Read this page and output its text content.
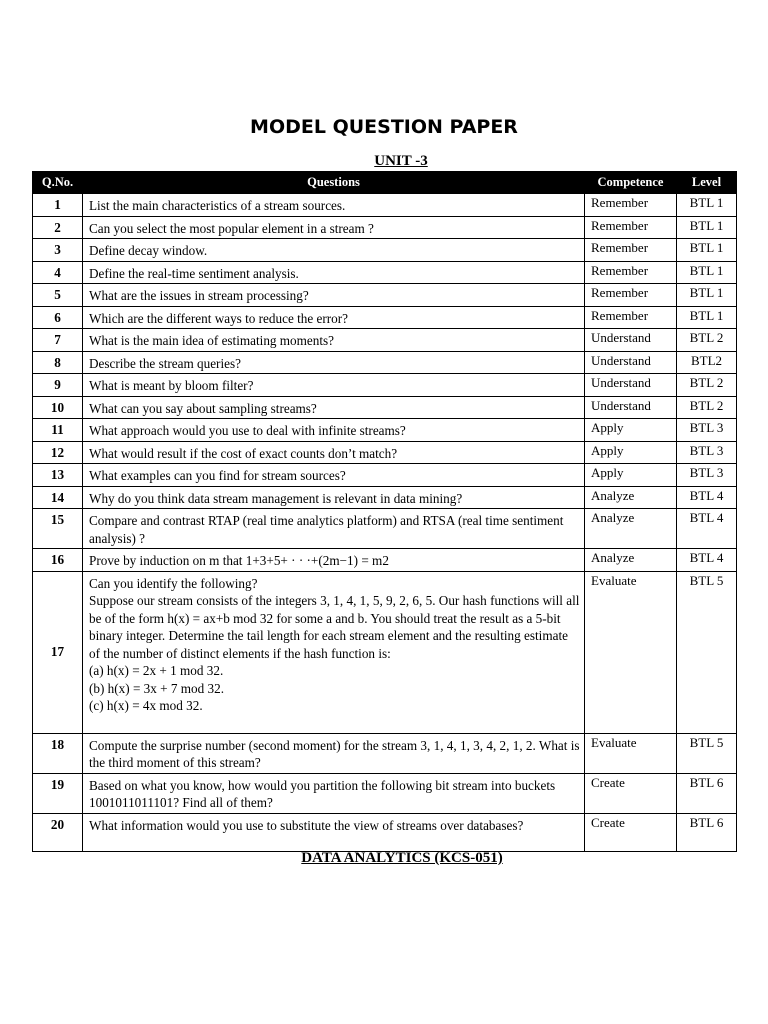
MODEL QUESTION PAPER
UNIT -3
Q.No.	Questions	Competence	Level
1	List the main characteristics of a stream sources.	Remember	BTL 1
2	Can you select the most popular element in a stream ?	Remember	BTL 1
3	Define decay window.	Remember	BTL 1
4	Define the real-time sentiment analysis.	Remember	BTL 1
5	What are the issues in stream processing?	Remember	BTL 1
6	Which are the different ways to reduce the error?	Remember	BTL 1
7	What is the main idea of estimating moments?	Understand	BTL 2
8	Describe the stream queries?	Understand	BTL2
9	What is meant by bloom filter?	Understand	BTL 2
10	What can you say about sampling streams?	Understand	BTL 2
11	What approach would you use to deal with infinite streams?	Apply	BTL 3
12	What would result if the cost of exact counts don’t match?	Apply	BTL 3
13	What examples can you find for stream sources?	Apply	BTL 3
14	Why do you think data stream management is relevant in data mining?	Analyze	BTL 4
15	Compare and contrast RTAP (real time analytics platform) and RTSA (real time sentiment analysis) ?	Analyze	BTL 4
16	Prove by induction on m that 1+3+5+ · · ·+(2m−1) = m2	Analyze	BTL 4
17	Can you identify the following?
Suppose our stream consists of the integers 3, 1, 4, 1, 5, 9, 2, 6, 5. Our hash functions will all be of the form h(x) = ax+b mod 32 for some a and b. You should treat the result as a 5-bit binary integer. Determine the tail length for each stream element and the resulting estimate of the number of distinct elements if the hash function is:
(a) h(x) = 2x + 1 mod 32.
(b) h(x) = 3x + 7 mod 32.
(c) h(x) = 4x mod 32.	Evaluate	BTL 5
18	Compute the surprise number (second moment) for the stream 3, 1, 4, 1, 3, 4, 2, 1, 2. What is the third moment of this stream?	Evaluate	BTL 5
19	Based on what you know, how would you partition the following bit stream into buckets 1001011011101? Find all of them?	Create	BTL 6
20	What information would you use to substitute the view of streams over databases?	Create	BTL 6
DATA ANALYTICS (KCS-051)
